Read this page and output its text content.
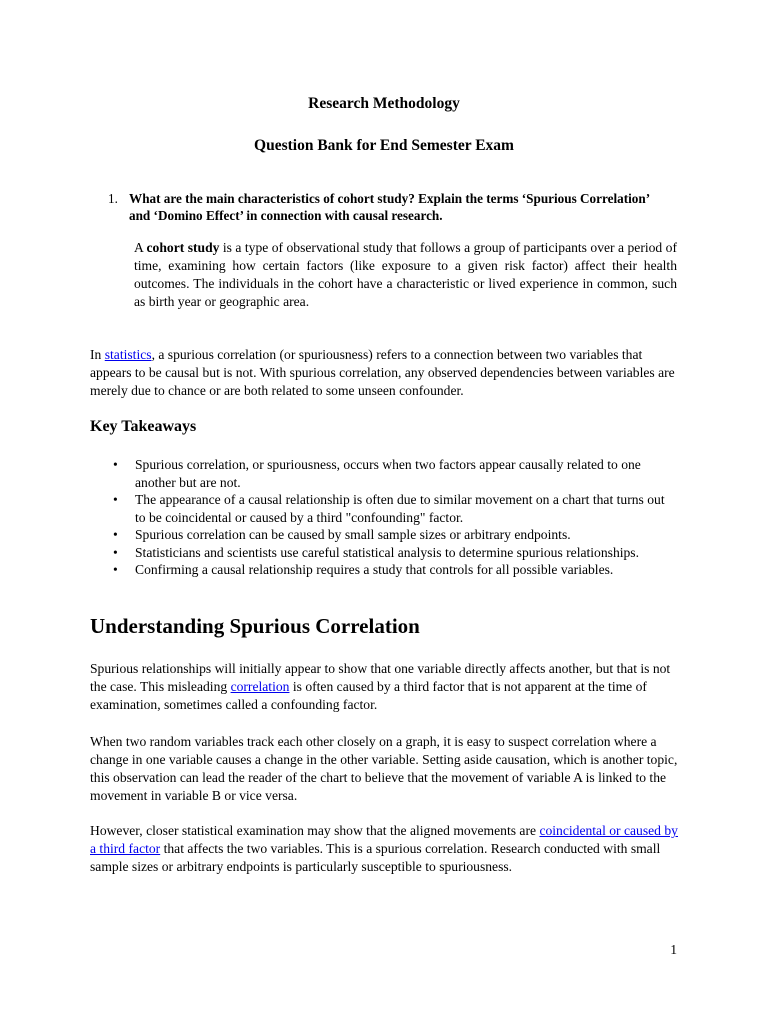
Research Methodology
Question Bank for End Semester Exam
1. What are the main characteristics of cohort study? Explain the terms ‘Spurious Correlation’
and ‘Domino Effect’ in connection with causal research.
A cohort study is a type of observational study that follows a group of participants over a period of time, examining how certain factors (like exposure to a given risk factor) affect their health outcomes. The individuals in the cohort have a characteristic or lived experience in common, such as birth year or geographic area.
In statistics, a spurious correlation (or spuriousness) refers to a connection between two variables that appears to be causal but is not. With spurious correlation, any observed dependencies between variables are merely due to chance or are both related to some unseen confounder.
Key Takeaways
• Spurious correlation, or spuriousness, occurs when two factors appear causally related to one another but are not.
• The appearance of a causal relationship is often due to similar movement on a chart that turns out to be coincidental or caused by a third "confounding" factor.
• Spurious correlation can be caused by small sample sizes or arbitrary endpoints.
• Statisticians and scientists use careful statistical analysis to determine spurious relationships.
• Confirming a causal relationship requires a study that controls for all possible variables.
Understanding Spurious Correlation
Spurious relationships will initially appear to show that one variable directly affects another, but that is not the case. This misleading correlation is often caused by a third factor that is not apparent at the time of examination, sometimes called a confounding factor.
When two random variables track each other closely on a graph, it is easy to suspect correlation where a change in one variable causes a change in the other variable. Setting aside causation, which is another topic, this observation can lead the reader of the chart to believe that the movement of variable A is linked to the movement in variable B or vice versa.
However, closer statistical examination may show that the aligned movements are coincidental or caused by a third factor that affects the two variables. This is a spurious correlation. Research conducted with small sample sizes or arbitrary endpoints is particularly susceptible to spuriousness.
1
